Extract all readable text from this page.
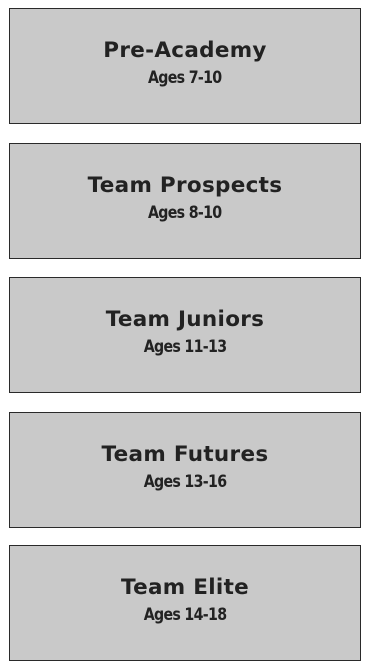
Pre-Academy
Ages 7-10
Team Prospects
Ages 8-10
Team Juniors
Ages 11-13
Team Futures
Ages 13-16
Team Elite
Ages 14-18
